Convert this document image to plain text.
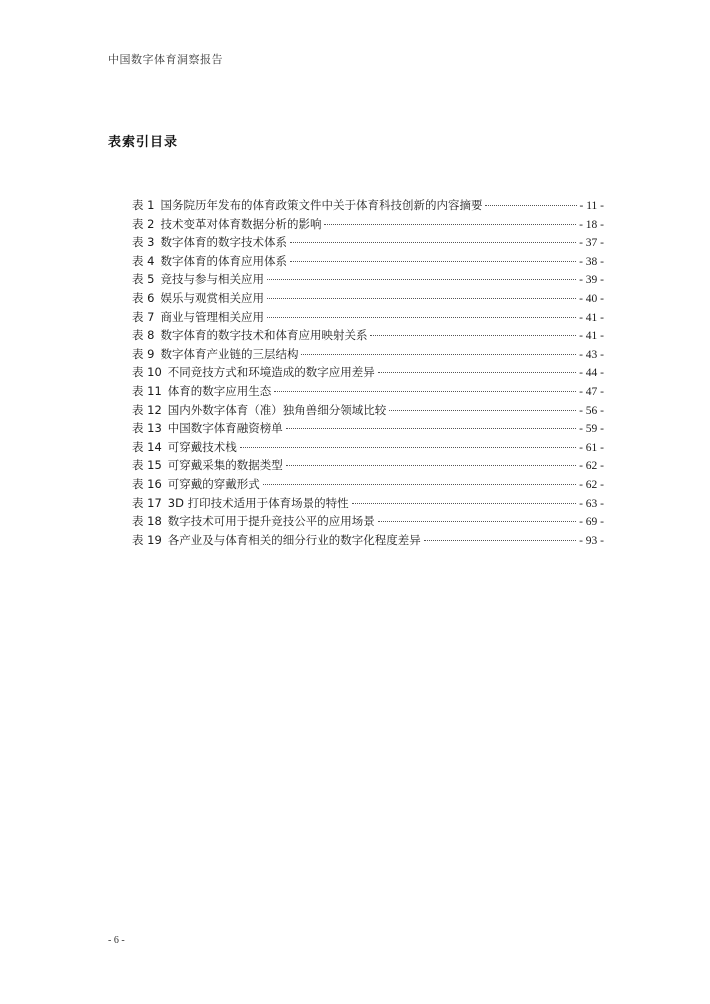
中国数字体育洞察报告
表索引目录
表 1 国务院历年发布的体育政策文件中关于体育科技创新的内容摘要	- 11 -
表 2 技术变革对体育数据分析的影响	- 18 -
表 3 数字体育的数字技术体系	- 37 -
表 4 数字体育的体育应用体系	- 38 -
表 5 竞技与参与相关应用	- 39 -
表 6 娱乐与观赏相关应用	- 40 -
表 7 商业与管理相关应用	- 41 -
表 8 数字体育的数字技术和体育应用映射关系	- 41 -
表 9 数字体育产业链的三层结构	- 43 -
表 10 不同竞技方式和环境造成的数字应用差异	- 44 -
表 11 体育的数字应用生态	- 47 -
表 12 国内外数字体育（准）独角兽细分领域比较	- 56 -
表 13 中国数字体育融资榜单	- 59 -
表 14 可穿戴技术栈	- 61 -
表 15 可穿戴采集的数据类型	- 62 -
表 16 可穿戴的穿戴形式	- 62 -
表 17 3D 打印技术适用于体育场景的特性	- 63 -
表 18 数字技术可用于提升竞技公平的应用场景	- 69 -
表 19 各产业及与体育相关的细分行业的数字化程度差异	- 93 -
- 6 -
